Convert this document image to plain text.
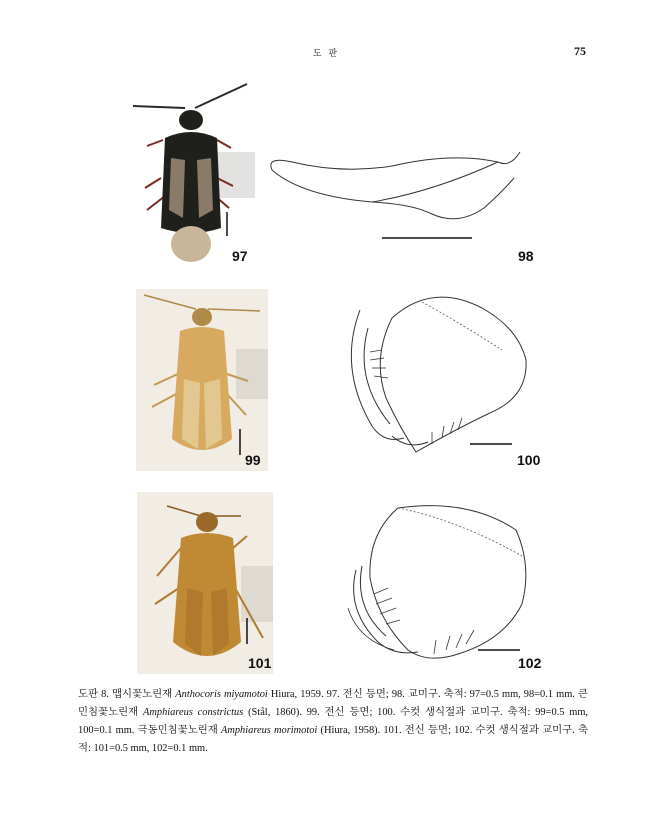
도 판	75
97	98
99	100
101	102
도판 8. 맵시꽃노린재 Anthocoris miyamotoi Hiura, 1959. 97. 전신 등면; 98. 교미구. 축적: 97=0.5 mm, 98=0.1 mm. 큰민침꽃노린재 Amphiareus constrictus (Stål, 1860). 99. 전신 등면; 100. 수컷 생식절과 교미구. 축적: 99=0.5 mm, 100=0.1 mm. 극동민침꽃노린재 Amphiareus morimotoi (Hiura, 1958). 101. 전신 등면; 102. 수컷 생식절과 교미구. 축적: 101=0.5 mm, 102=0.1 mm.
